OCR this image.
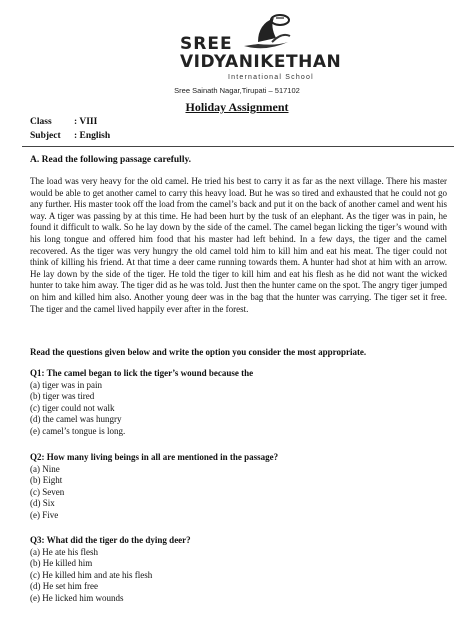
SREE
VIDYANIKETHAN
International School
Sree Sainath Nagar,Tirupati – 517102
Holiday Assignment
Class : VIII
Subject : English
A. Read the following passage carefully.

The load was very heavy for the old camel. He tried his best to carry it as far as the next village. There his master would be able to get another camel to carry this heavy load. But he was so tired and exhausted that he could not go any further. His master took off the load from the camel’s back and put it on the back of another camel and went his way. A tiger was passing by at this time. He had been hurt by the tusk of an elephant. As the tiger was in pain, he found it difficult to walk. So he lay down by the side of the camel. The camel began licking the tiger’s wound with his long tongue and offered him food that his master had left behind. In a few days, the tiger and the camel recovered. As the tiger was very hungry the old camel told him to kill him and eat his meat. The tiger could not think of killing his friend. At that time a deer came running towards them. A hunter had shot at him with an arrow. He lay down by the side of the tiger. He told the tiger to kill him and eat his flesh as he did not want the wicked hunter to take him away. The tiger did as he was told. Just then the hunter came on the spot. The angry tiger jumped on him and killed him also. Another young deer was in the bag that the hunter was carrying. The tiger set it free. The tiger and the camel lived happily ever after in the forest.

Read the questions given below and write the option you consider the most appropriate.
Q1: The camel began to lick the tiger’s wound because the
(a) tiger was in pain
(b) tiger was tired
(c) tiger could not walk
(d) the camel was hungry
(e) camel’s tongue is long.
Q2: How many living beings in all are mentioned in the passage?
(a) Nine
(b) Eight
(c) Seven
(d) Six
(e) Five
Q3: What did the tiger do the dying deer?
(a) He ate his flesh
(b) He killed him
(c) He killed him and ate his flesh
(d) He set him free
(e) He licked him wounds
